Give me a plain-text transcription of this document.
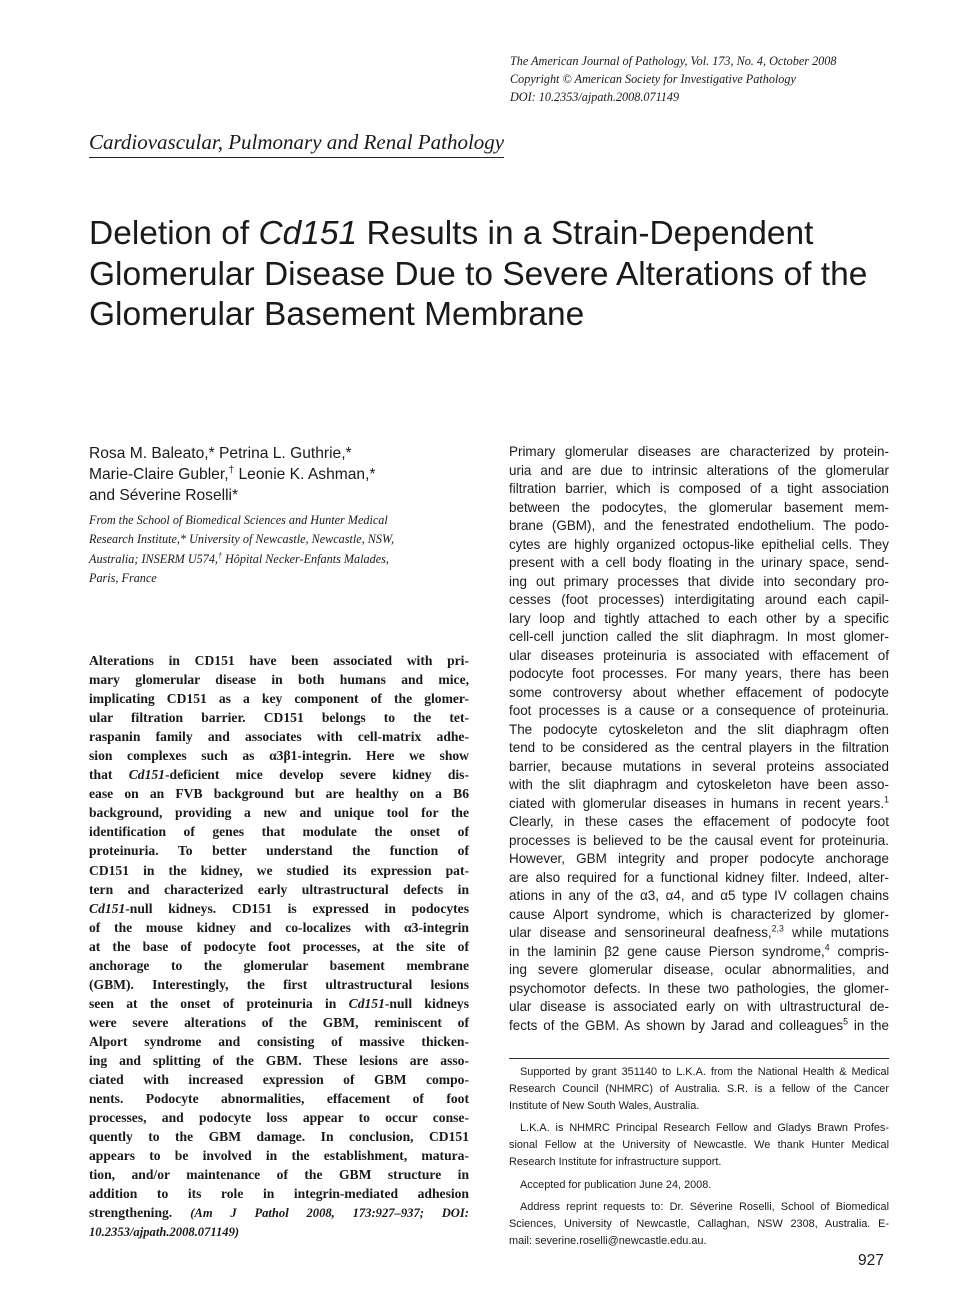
The American Journal of Pathology, Vol. 173, No. 4, October 2008
Copyright © American Society for Investigative Pathology
DOI: 10.2353/ajpath.2008.071149
Cardiovascular, Pulmonary and Renal Pathology
Deletion of Cd151 Results in a Strain-Dependent
Glomerular Disease Due to Severe Alterations of the
Glomerular Basement Membrane
Rosa M. Baleato,* Petrina L. Guthrie,*
Marie-Claire Gubler,† Leonie K. Ashman,*
and Séverine Roselli*
From the School of Biomedical Sciences and Hunter Medical
Research Institute,* University of Newcastle, Newcastle, NSW,
Australia; INSERM U574,† Hôpital Necker-Enfants Malades,
Paris, France
Alterations in CD151 have been associated with pri-
mary glomerular disease in both humans and mice,
implicating CD151 as a key component of the glomer-
ular filtration barrier. CD151 belongs to the tet-
raspanin family and associates with cell-matrix adhe-
sion complexes such as α3β1-integrin. Here we show
that Cd151-deficient mice develop severe kidney dis-
ease on an FVB background but are healthy on a B6
background, providing a new and unique tool for the
identification of genes that modulate the onset of
proteinuria. To better understand the function of
CD151 in the kidney, we studied its expression pat-
tern and characterized early ultrastructural defects in
Cd151-null kidneys. CD151 is expressed in podocytes
of the mouse kidney and co-localizes with α3-integrin
at the base of podocyte foot processes, at the site of
anchorage to the glomerular basement membrane
(GBM). Interestingly, the first ultrastructural lesions
seen at the onset of proteinuria in Cd151-null kidneys
were severe alterations of the GBM, reminiscent of
Alport syndrome and consisting of massive thicken-
ing and splitting of the GBM. These lesions are asso-
ciated with increased expression of GBM compo-
nents. Podocyte abnormalities, effacement of foot
processes, and podocyte loss appear to occur conse-
quently to the GBM damage. In conclusion, CD151
appears to be involved in the establishment, matura-
tion, and/or maintenance of the GBM structure in
addition to its role in integrin-mediated adhesion
strengthening. (Am J Pathol 2008, 173:927–937; DOI:
10.2353/ajpath.2008.071149)
Primary glomerular diseases are characterized by protein-
uria and are due to intrinsic alterations of the glomerular
filtration barrier, which is composed of a tight association
between the podocytes, the glomerular basement mem-
brane (GBM), and the fenestrated endothelium. The podo-
cytes are highly organized octopus-like epithelial cells. They
present with a cell body floating in the urinary space, send-
ing out primary processes that divide into secondary pro-
cesses (foot processes) interdigitating around each capil-
lary loop and tightly attached to each other by a specific
cell-cell junction called the slit diaphragm. In most glomer-
ular diseases proteinuria is associated with effacement of
podocyte foot processes. For many years, there has been
some controversy about whether effacement of podocyte
foot processes is a cause or a consequence of proteinuria.
The podocyte cytoskeleton and the slit diaphragm often
tend to be considered as the central players in the filtration
barrier, because mutations in several proteins associated
with the slit diaphragm and cytoskeleton have been asso-
ciated with glomerular diseases in humans in recent years.$^1$
Clearly, in these cases the effacement of podocyte foot
processes is believed to be the causal event for proteinuria.
However, GBM integrity and proper podocyte anchorage
are also required for a functional kidney filter. Indeed, alter-
ations in any of the α3, α4, and α5 type IV collagen chains
cause Alport syndrome, which is characterized by glomer-
ular disease and sensorineural deafness,$^{2,3}$ while mutations
in the laminin β2 gene cause Pierson syndrome,$^4$ compris-
ing severe glomerular disease, ocular abnormalities, and
psychomotor defects. In these two pathologies, the glomer-
ular disease is associated early on with ultrastructural de-
fects of the GBM. As shown by Jarad and colleagues$^5$ in the
Supported by grant 351140 to L.K.A. from the National Health & Medical
Research Council (NHMRC) of Australia. S.R. is a fellow of the Cancer
Institute of New South Wales, Australia.
L.K.A. is NHMRC Principal Research Fellow and Gladys Brawn Profes-
sional Fellow at the University of Newcastle. We thank Hunter Medical
Research Institute for infrastructure support.
Accepted for publication June 24, 2008.
Address reprint requests to: Dr. Séverine Roselli, School of Biomedical
Sciences, University of Newcastle, Callaghan, NSW 2308, Australia. E-
mail: severine.roselli@newcastle.edu.au.
927
